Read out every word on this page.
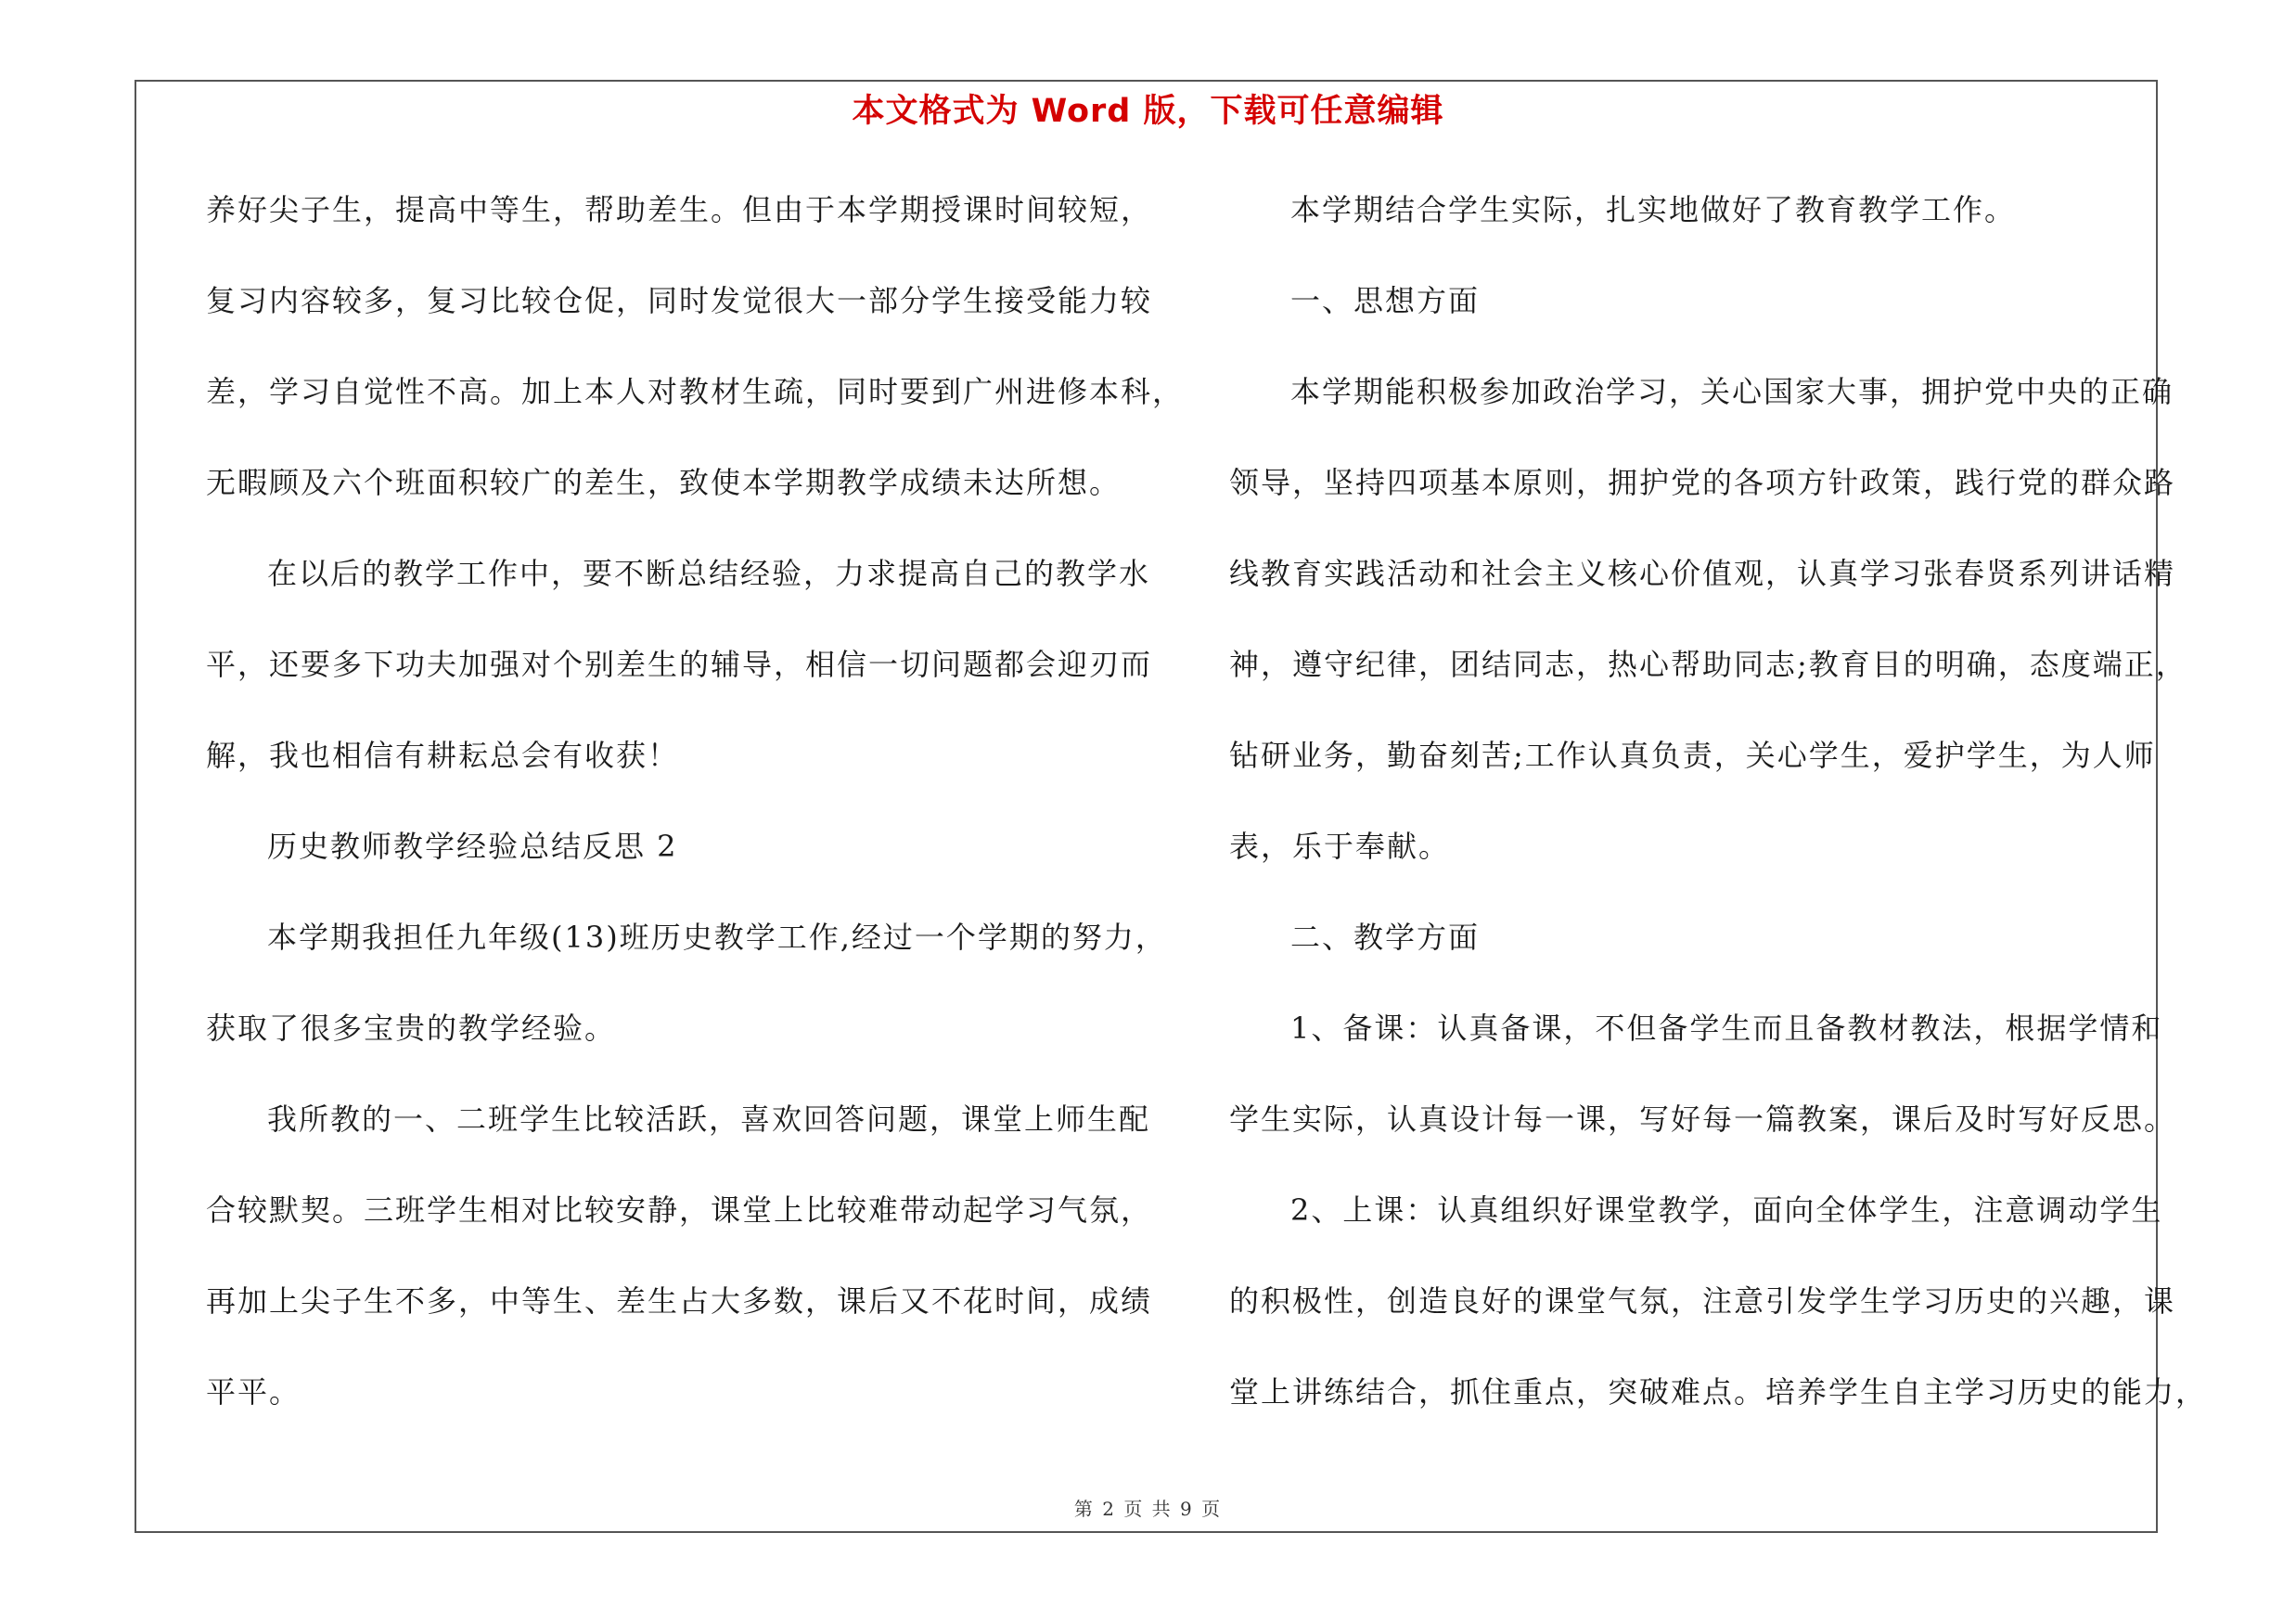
本文格式为 Word 版，下载可任意编辑
养好尖子生，提高中等生，帮助差生。但由于本学期授课时间较短，
复习内容较多，复习比较仓促，同时发觉很大一部分学生接受能力较
差，学习自觉性不高。加上本人对教材生疏，同时要到广州进修本科，
无暇顾及六个班面积较广的差生，致使本学期教学成绩未达所想。
在以后的教学工作中，要不断总结经验，力求提高自己的教学水
平，还要多下功夫加强对个别差生的辅导，相信一切问题都会迎刃而
解，我也相信有耕耘总会有收获！
历史教师教学经验总结反思 2
本学期我担任九年级(13)班历史教学工作,经过一个学期的努力，
获取了很多宝贵的教学经验。
我所教的一、二班学生比较活跃，喜欢回答问题，课堂上师生配
合较默契。三班学生相对比较安静，课堂上比较难带动起学习气氛，
再加上尖子生不多，中等生、差生占大多数，课后又不花时间，成绩
平平。
本学期结合学生实际，扎实地做好了教育教学工作。
一、思想方面
本学期能积极参加政治学习，关心国家大事，拥护党中央的正确
领导，坚持四项基本原则，拥护党的各项方针政策，践行党的群众路
线教育实践活动和社会主义核心价值观，认真学习张春贤系列讲话精
神，遵守纪律，团结同志，热心帮助同志;教育目的明确，态度端正，
钻研业务，勤奋刻苦;工作认真负责，关心学生，爱护学生，为人师
表，乐于奉献。
二、教学方面
1、备课：认真备课，不但备学生而且备教材教法，根据学情和
学生实际，认真设计每一课，写好每一篇教案，课后及时写好反思。
2、上课：认真组织好课堂教学，面向全体学生，注意调动学生
的积极性，创造良好的课堂气氛，注意引发学生学习历史的兴趣，课
堂上讲练结合，抓住重点，突破难点。培养学生自主学习历史的能力，
第 2 页 共 9 页
